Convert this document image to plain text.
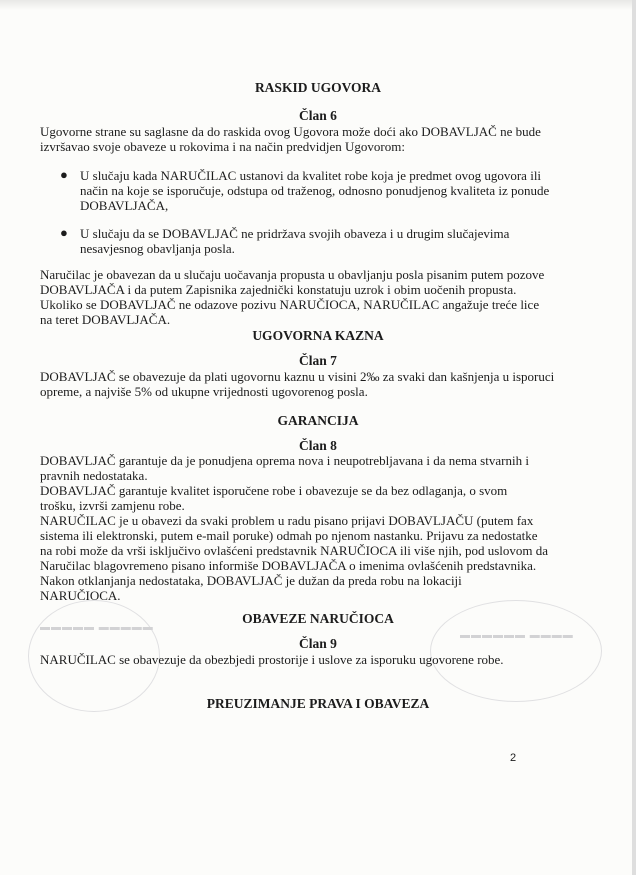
▬▬▬▬▬ ▬▬▬▬▬
▬▬▬▬▬▬ ▬▬▬▬
RASKID UGOVORA
Član 6
Ugovorne strane su saglasne da do raskida ovog Ugovora može doći ako DOBAVLJAČ ne bude
izvršavao svoje obaveze u rokovima i na način predvidjen Ugovorom:
● U slučaju kada NARUČILAC ustanovi da kvalitet robe koja je predmet ovog ugovora ili
način na koje se isporučuje, odstupa od traženog, odnosno ponudjenog kvaliteta iz ponude
DOBAVLJAČA,
● U slučaju da se DOBAVLJAČ ne pridržava svojih obaveza i u drugim slučajevima
nesavjesnog obavljanja posla.
Naručilac je obavezan da u slučaju uočavanja propusta u obavljanju posla pisanim putem pozove
DOBAVLJAČA i da putem Zapisnika zajednički konstatuju uzrok i obim uočenih propusta.
Ukoliko se DOBAVLJAČ ne odazove pozivu NARUČIOCA, NARUČILAC angažuje treće lice
na teret DOBAVLJAČA.
UGOVORNA KAZNA
Član 7
DOBAVLJAČ se obavezuje da plati ugovornu kaznu u visini 2‰ za svaki dan kašnjenja u isporuci
opreme, a najviše 5% od ukupne vrijednosti ugovorenog posla.
GARANCIJA
Član 8
DOBAVLJAČ garantuje da je ponudjena oprema nova i neupotrebljavana i da nema stvarnih i
pravnih nedostataka.
DOBAVLJAČ garantuje kvalitet isporučene robe i obavezuje se da bez odlaganja, o svom
trošku, izvrši zamjenu robe.
NARUČILAC je u obavezi da svaki problem u radu pisano prijavi DOBAVLJAČU (putem fax
sistema ili elektronski, putem e-mail poruke) odmah po njenom nastanku. Prijavu za nedostatke
na robi može da vrši isključivo ovlašćeni predstavnik NARUČIOCA ili više njih, pod uslovom da
Naručilac blagovremeno pisano informiše DOBAVLJAČA o imenima ovlašćenih predstavnika.
Nakon otklanjanja nedostataka, DOBAVLJAČ je dužan da preda robu na lokaciji
NARUČIOCA.
OBAVEZE NARUČIOCA
Član 9
NARUČILAC se obavezuje da obezbjedi prostorije i uslove za isporuku ugovorene robe.
PREUZIMANJE PRAVA I OBAVEZA
2
